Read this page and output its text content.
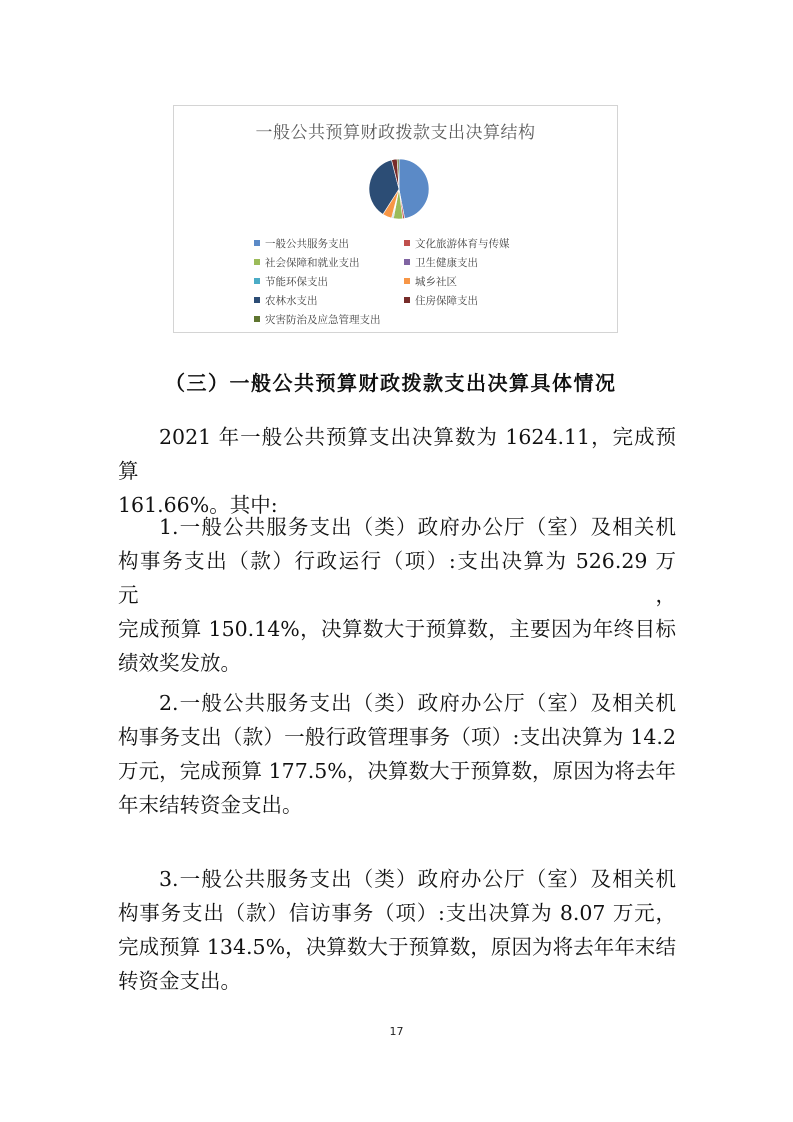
一般公共预算财政拨款支出决算结构
一般公共服务支出	文化旅游体育与传媒
社会保障和就业支出	卫生健康支出
节能环保支出	城乡社区
农林水支出	住房保障支出
灾害防治及应急管理支出
（三）一般公共预算财政拨款支出决算具体情况
2021 年一般公共预算支出决算数为 1624.11，完成预算
161.66%。其中:
1.一般公共服务支出（类）政府办公厅（室）及相关机
构事务支出（款）行政运行（项）:支出决算为 526.29 万元，
完成预算 150.14%，决算数大于预算数，主要因为年终目标
绩效奖发放。
2.一般公共服务支出（类）政府办公厅（室）及相关机
构事务支出（款）一般行政管理事务（项）:支出决算为 14.2
万元，完成预算 177.5%，决算数大于预算数，原因为将去年
年末结转资金支出。
3.一般公共服务支出（类）政府办公厅（室）及相关机
构事务支出（款）信访事务（项）:支出决算为 8.07 万元，
完成预算 134.5%，决算数大于预算数，原因为将去年年末结
转资金支出。
17
